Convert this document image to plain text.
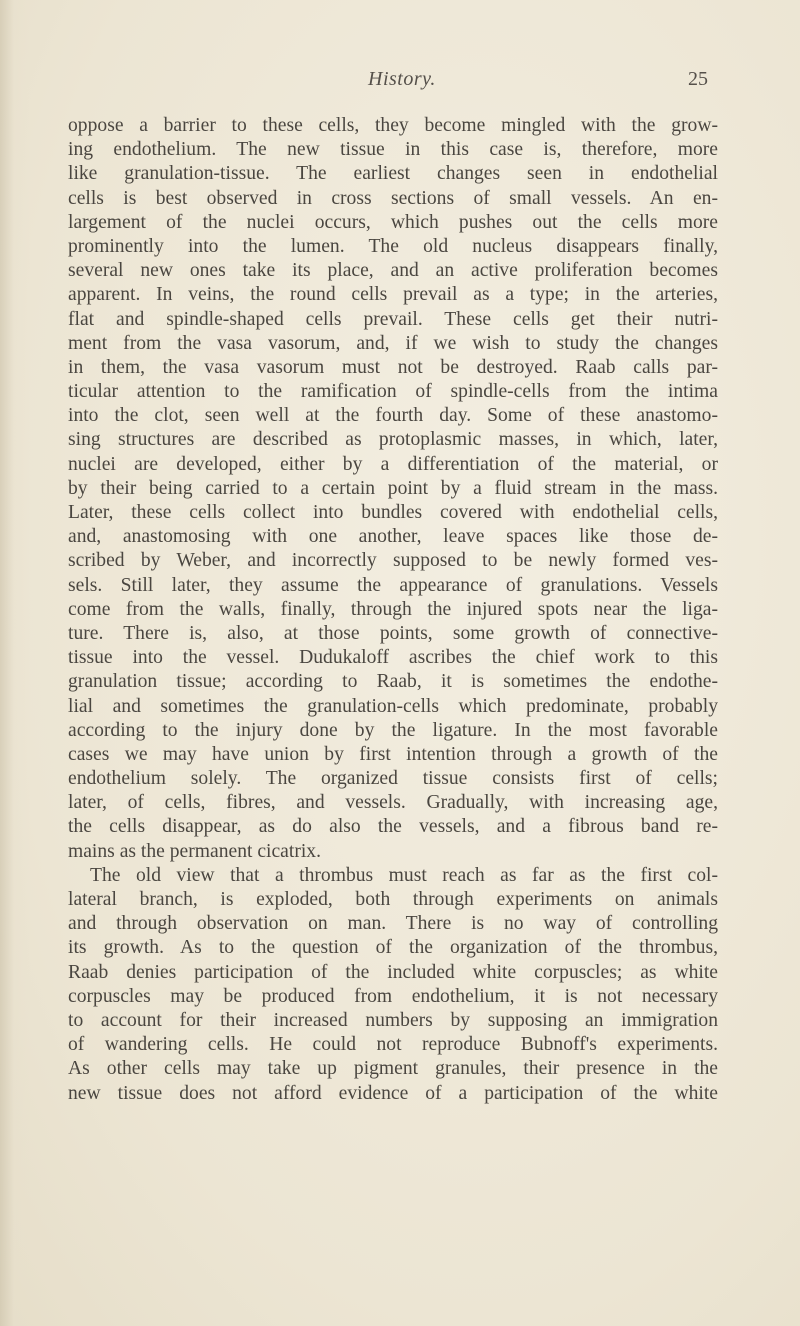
History.	25
oppose a barrier to these cells, they become mingled with the grow-
ing endothelium. The new tissue in this case is, therefore, more
like granulation-tissue. The earliest changes seen in endothelial
cells is best observed in cross sections of small vessels. An en-
largement of the nuclei occurs, which pushes out the cells more
prominently into the lumen. The old nucleus disappears finally,
several new ones take its place, and an active proliferation becomes
apparent. In veins, the round cells prevail as a type; in the arteries,
flat and spindle-shaped cells prevail. These cells get their nutri-
ment from the vasa vasorum, and, if we wish to study the changes
in them, the vasa vasorum must not be destroyed. Raab calls par-
ticular attention to the ramification of spindle-cells from the intima
into the clot, seen well at the fourth day. Some of these anastomo-
sing structures are described as protoplasmic masses, in which, later,
nuclei are developed, either by a differentiation of the material, or
by their being carried to a certain point by a fluid stream in the mass.
Later, these cells collect into bundles covered with endothelial cells,
and, anastomosing with one another, leave spaces like those de-
scribed by Weber, and incorrectly supposed to be newly formed ves-
sels. Still later, they assume the appearance of granulations. Vessels
come from the walls, finally, through the injured spots near the liga-
ture. There is, also, at those points, some growth of connective-
tissue into the vessel. Dudukaloff ascribes the chief work to this
granulation tissue; according to Raab, it is sometimes the endothe-
lial and sometimes the granulation-cells which predominate, probably
according to the injury done by the ligature. In the most favorable
cases we may have union by first intention through a growth of the
endothelium solely. The organized tissue consists first of cells;
later, of cells, fibres, and vessels. Gradually, with increasing age,
the cells disappear, as do also the vessels, and a fibrous band re-
mains as the permanent cicatrix.
The old view that a thrombus must reach as far as the first col-
lateral branch, is exploded, both through experiments on animals
and through observation on man. There is no way of controlling
its growth. As to the question of the organization of the thrombus,
Raab denies participation of the included white corpuscles; as white
corpuscles may be produced from endothelium, it is not necessary
to account for their increased numbers by supposing an immigration
of wandering cells. He could not reproduce Bubnoff's experiments.
As other cells may take up pigment granules, their presence in the
new tissue does not afford evidence of a participation of the white
